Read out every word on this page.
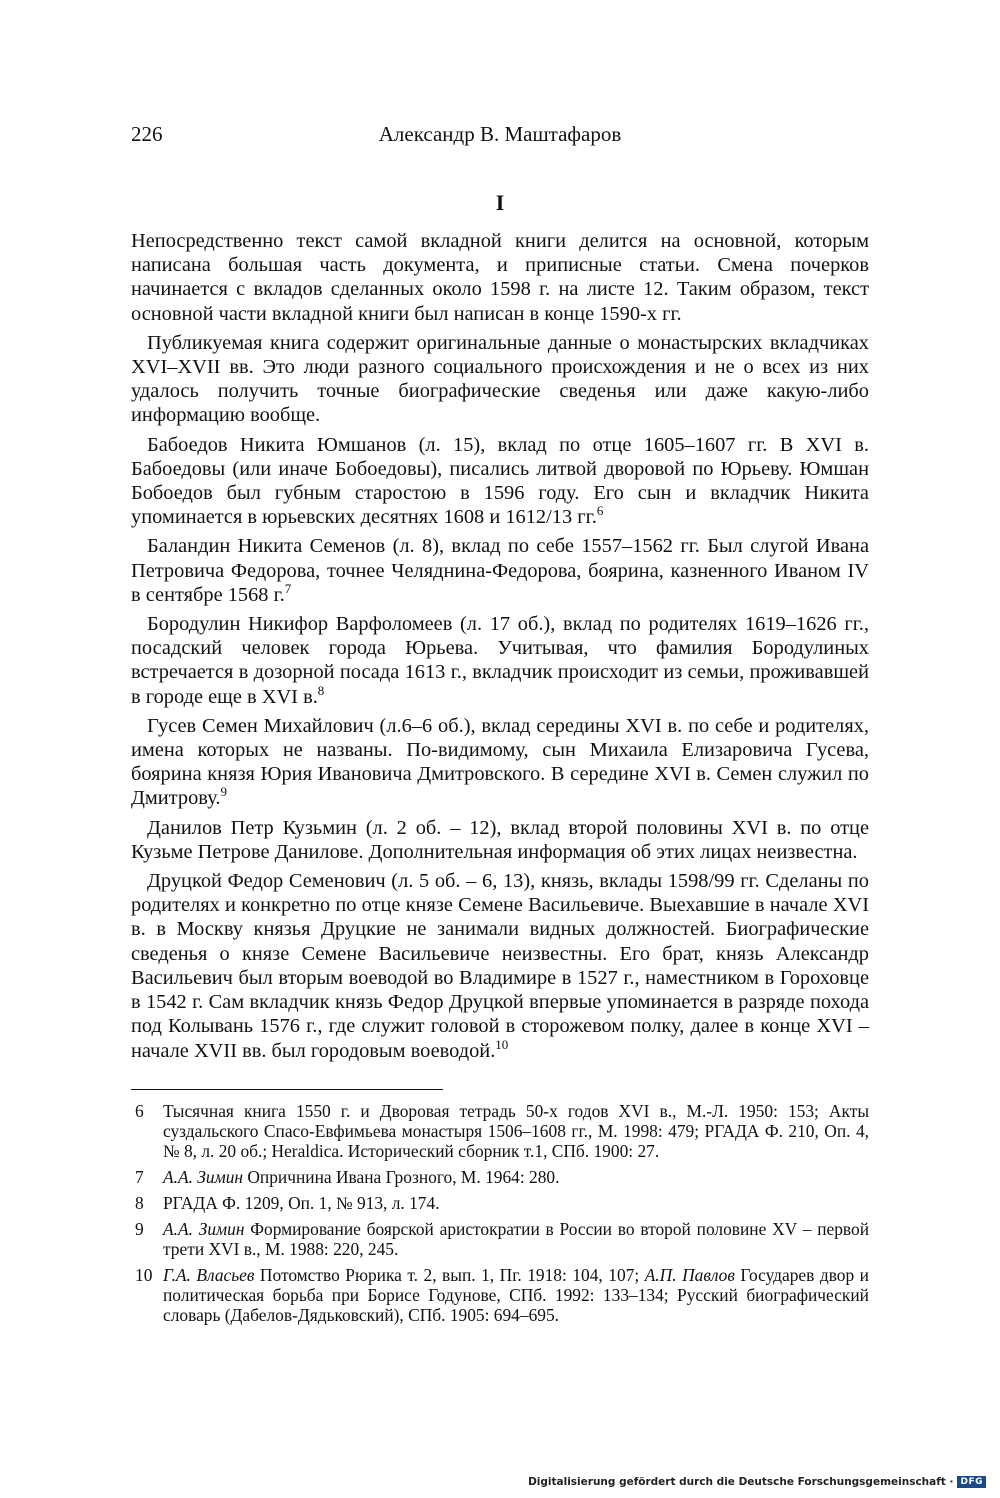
226	Александр В. Маштафаров
I

Непосредственно текст самой вкладной книги делится на основной, которым написана большая часть документа, и приписные статьи. Смена почерков начинается с вкладов сделанных около 1598 г. на листе 12. Таким образом, текст основной части вкладной книги был написан в конце 1590-х гг.

Публикуемая книга содержит оригинальные данные о монастырских вкладчиках XVI–XVII вв. Это люди разного социального происхождения и не о всех из них удалось получить точные биографические сведенья или даже какую-либо информацию вообще.

Бабоедов Никита Юмшанов (л. 15), вклад по отце 1605–1607 гг. В XVI в. Бабоедовы (или иначе Бобоедовы), писались литвой дворовой по Юрьеву. Юмшан Бобоедов был губным старостою в 1596 году. Его сын и вкладчик Никита упоминается в юрьевских десятнях 1608 и 1612/13 гг.$^6$

Баландин Никита Семенов (л. 8), вклад по себе 1557–1562 гг. Был слугой Ивана Петровича Федорова, точнее Челяднина-Федорова, боярина, казненного Иваном IV в сентябре 1568 г.$^7$

Бородулин Никифор Варфоломеев (л. 17 об.), вклад по родителях 1619–1626 гг., посадский человек города Юрьева. Учитывая, что фамилия Бородулиных встречается в дозорной посада 1613 г., вкладчик происходит из семьи, проживавшей в городе еще в XVI в.$^8$

Гусев Семен Михайлович (л.6–6 об.), вклад середины XVI в. по себе и родителях, имена которых не названы. По-видимому, сын Михаила Елизаровича Гусева, боярина князя Юрия Ивановича Дмитровского. В середине XVI в. Семен служил по Дмитрову.$^9$

Данилов Петр Кузьмин (л. 2 об. – 12), вклад второй половины XVI в. по отце Кузьме Петрове Данилове. Дополнительная информация об этих лицах неизвестна.

Друцкой Федор Семенович (л. 5 об. – 6, 13), князь, вклады 1598/99 гг. Сделаны по родителях и конкретно по отце князе Семене Васильевиче. Выехавшие в начале XVI в. в Москву князья Друцкие не занимали видных должностей. Биографические сведенья о князе Семене Васильевиче неизвестны. Его брат, князь Александр Васильевич был вторым воеводой во Владимире в 1527 г., наместником в Гороховце в 1542 г. Сам вкладчик князь Федор Друцкой впервые упоминается в разряде похода под Колывань 1576 г., где служит головой в сторожевом полку, далее в конце XVI – начале XVII вв. был городовым воеводой.$^{10}$

6	Тысячная книга 1550 г. и Дворовая тетрадь 50-х годов XVI в., М.-Л. 1950: 153; Акты суздальского Спасо-Евфимьева монастыря 1506–1608 гг., М. 1998: 479; РГАДА Ф. 210, Оп. 4, № 8, л. 20 об.; Heraldica. Исторический сборник т.1, СПб. 1900: 27.
7	А.А. Зимин Опричнина Ивана Грозного, М. 1964: 280.
8	РГАДА Ф. 1209, Оп. 1, № 913, л. 174.
9	А.А. Зимин Формирование боярской аристократии в России во второй половине XV – первой трети XVI в., М. 1988: 220, 245.
10 Г.А. Власьев Потомство Рюрика т. 2, вып. 1, Пг. 1918: 104, 107; А.П. Павлов Государев двор и политическая борьба при Борисе Годунове, СПб. 1992: 133–134; Русский биографический словарь (Дабелов-Дядьковский), СПб. 1905: 694–695.
Digitalisierung gefördert durch die Deutsche Forschungsgemeinschaft · DFG
